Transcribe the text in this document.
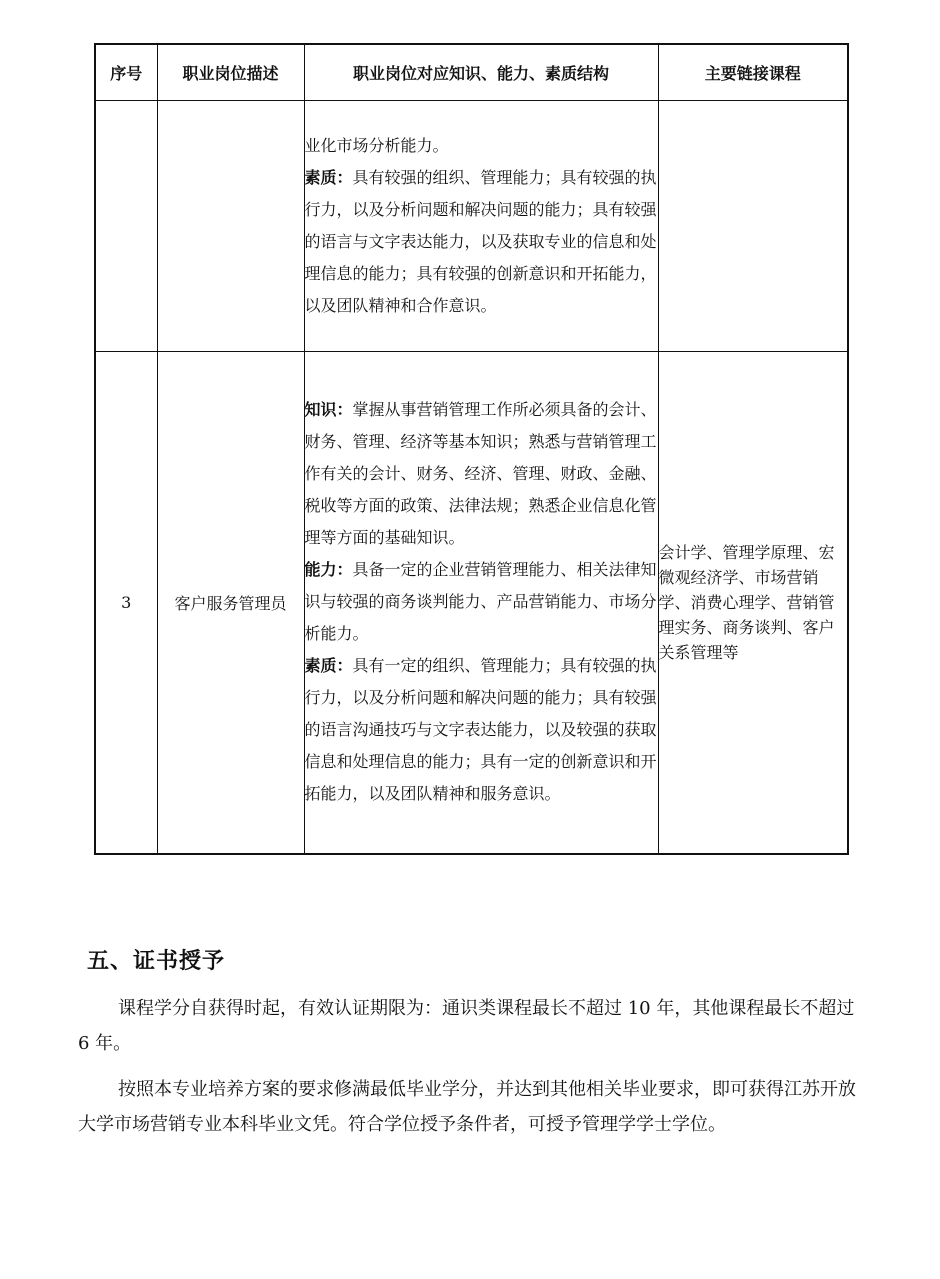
序号	职业岗位描述	职业岗位对应知识、能力、素质结构	主要链接课程

		业化市场分析能力。
素质：具有较强的组织、管理能力；具有较强的执行力，以及分析问题和解决问题的能力；具有较强的语言与文字表达能力，以及获取专业的信息和处理信息的能力；具有较强的创新意识和开拓能力，以及团队精神和合作意识。	

3	客户服务管理员	知识：掌握从事营销管理工作所必须具备的会计、财务、管理、经济等基本知识；熟悉与营销管理工作有关的会计、财务、经济、管理、财政、金融、税收等方面的政策、法律法规；熟悉企业信息化管理等方面的基础知识。
能力：具备一定的企业营销管理能力、相关法律知识与较强的商务谈判能力、产品营销能力、市场分析能力。
素质：具有一定的组织、管理能力；具有较强的执行力，以及分析问题和解决问题的能力；具有较强的语言沟通技巧与文字表达能力，以及较强的获取信息和处理信息的能力；具有一定的创新意识和开拓能力，以及团队精神和服务意识。	会计学、管理学原理、宏微观经济学、市场营销学、消费心理学、营销管理实务、商务谈判、客户关系管理等
五、证书授予

课程学分自获得时起，有效认证期限为：通识类课程最长不超过 10 年，其他课程最长不超过 6 年。

按照本专业培养方案的要求修满最低毕业学分，并达到其他相关毕业要求，即可获得江苏开放大学市场营销专业本科毕业文凭。符合学位授予条件者，可授予管理学学士学位。
